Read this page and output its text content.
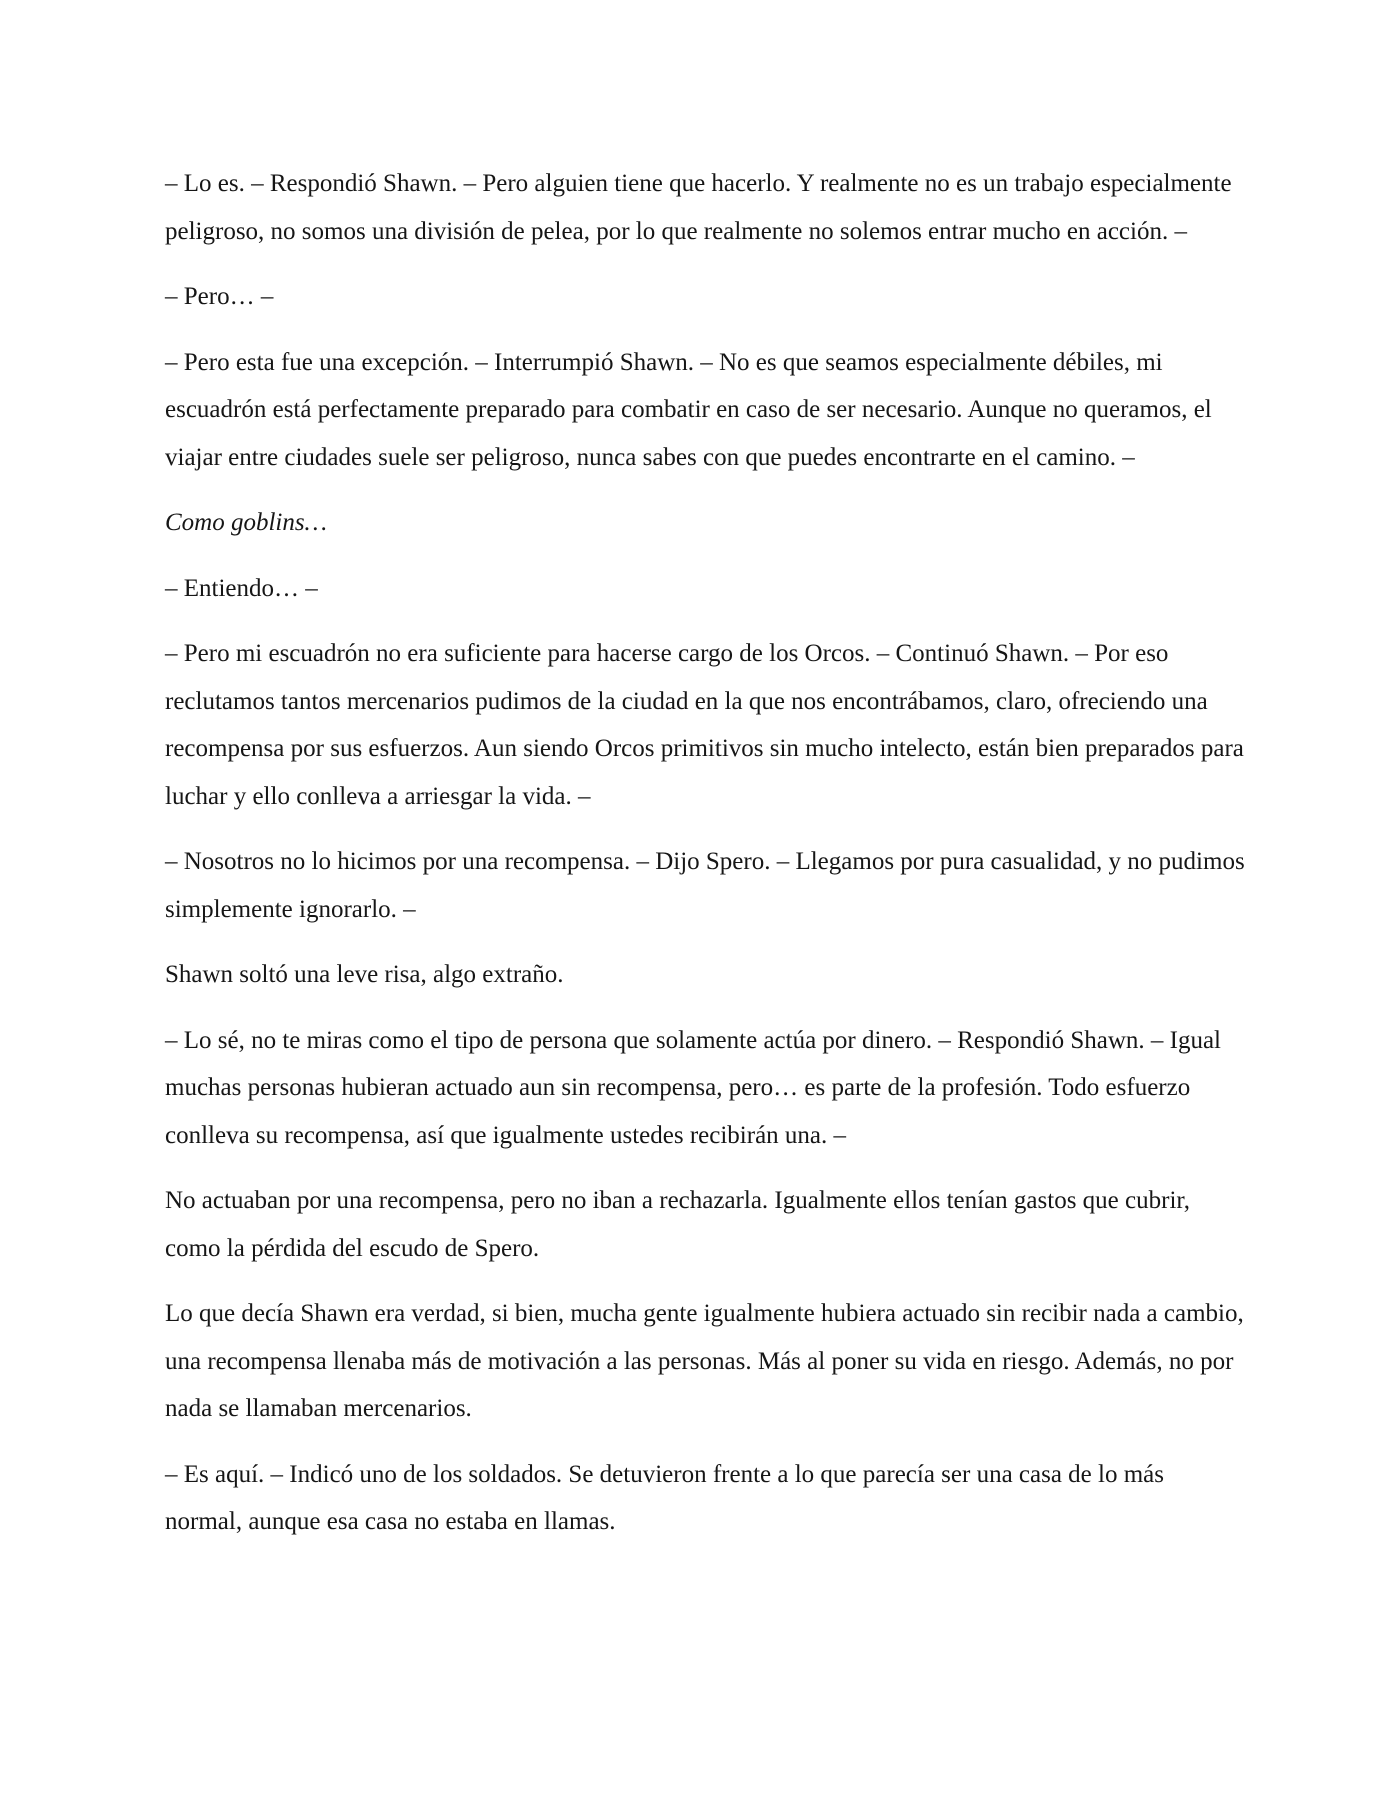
– Lo es. – Respondió Shawn. – Pero alguien tiene que hacerlo. Y realmente no es un trabajo especialmente peligroso, no somos una división de pelea, por lo que realmente no solemos entrar mucho en acción. –

– Pero… –

– Pero esta fue una excepción. – Interrumpió Shawn. – No es que seamos especialmente débiles, mi escuadrón está perfectamente preparado para combatir en caso de ser necesario. Aunque no queramos, el viajar entre ciudades suele ser peligroso, nunca sabes con que puedes encontrarte en el camino. –

Como goblins…

– Entiendo… –

– Pero mi escuadrón no era suficiente para hacerse cargo de los Orcos. – Continuó Shawn. – Por eso reclutamos tantos mercenarios pudimos de la ciudad en la que nos encontrábamos, claro, ofreciendo una recompensa por sus esfuerzos. Aun siendo Orcos primitivos sin mucho intelecto, están bien preparados para luchar y ello conlleva a arriesgar la vida. –

– Nosotros no lo hicimos por una recompensa. – Dijo Spero. – Llegamos por pura casualidad, y no pudimos simplemente ignorarlo. –

Shawn soltó una leve risa, algo extraño.

– Lo sé, no te miras como el tipo de persona que solamente actúa por dinero. – Respondió Shawn. – Igual muchas personas hubieran actuado aun sin recompensa, pero… es parte de la profesión. Todo esfuerzo conlleva su recompensa, así que igualmente ustedes recibirán una. –

No actuaban por una recompensa, pero no iban a rechazarla. Igualmente ellos tenían gastos que cubrir, como la pérdida del escudo de Spero.

Lo que decía Shawn era verdad, si bien, mucha gente igualmente hubiera actuado sin recibir nada a cambio, una recompensa llenaba más de motivación a las personas. Más al poner su vida en riesgo. Además, no por nada se llamaban mercenarios.

– Es aquí. – Indicó uno de los soldados. Se detuvieron frente a lo que parecía ser una casa de lo más normal, aunque esa casa no estaba en llamas.
